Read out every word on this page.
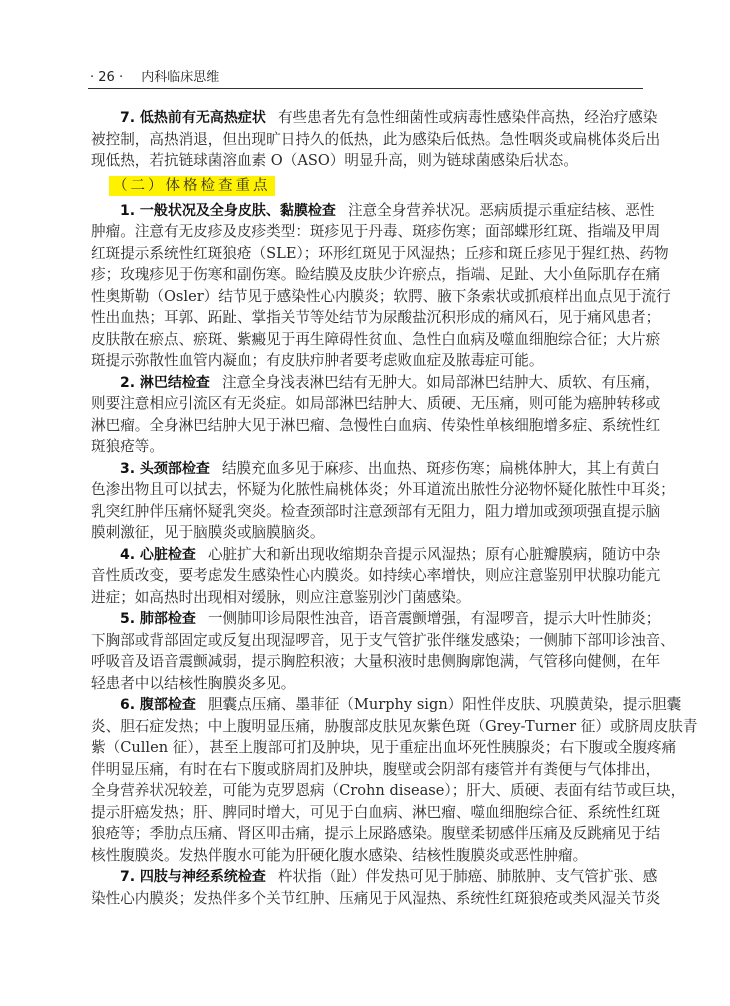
· 26 · 内科临床思维
7. 低热前有无高热症状 有些患者先有急性细菌性或病毒性感染伴高热，经治疗感染
被控制，高热消退，但出现旷日持久的低热，此为感染后低热。急性咽炎或扁桃体炎后出
现低热，若抗链球菌溶血素 O（ASO）明显升高，则为链球菌感染后状态。
（二）体格检查重点
1. 一般状况及全身皮肤、黏膜检查 注意全身营养状况。恶病质提示重症结核、恶性
肿瘤。注意有无皮疹及皮疹类型：斑疹见于丹毒、斑疹伤寒；面部蝶形红斑、指端及甲周
红斑提示系统性红斑狼疮（SLE）；环形红斑见于风湿热；丘疹和斑丘疹见于猩红热、药物
疹；玫瑰疹见于伤寒和副伤寒。睑结膜及皮肤少许瘀点，指端、足趾、大小鱼际肌存在痛
性奥斯勒（Osler）结节见于感染性心内膜炎；软腭、腋下条索状或抓痕样出血点见于流行
性出血热；耳郭、跖趾、掌指关节等处结节为尿酸盐沉积形成的痛风石，见于痛风患者；
皮肤散在瘀点、瘀斑、紫癜见于再生障碍性贫血、急性白血病及噬血细胞综合征；大片瘀
斑提示弥散性血管内凝血；有皮肤疖肿者要考虑败血症及脓毒症可能。
2. 淋巴结检查 注意全身浅表淋巴结有无肿大。如局部淋巴结肿大、质软、有压痛，
则要注意相应引流区有无炎症。如局部淋巴结肿大、质硬、无压痛，则可能为癌肿转移或
淋巴瘤。全身淋巴结肿大见于淋巴瘤、急慢性白血病、传染性单核细胞增多症、系统性红
斑狼疮等。
3. 头颈部检查 结膜充血多见于麻疹、出血热、斑疹伤寒；扁桃体肿大，其上有黄白
色渗出物且可以拭去，怀疑为化脓性扁桃体炎；外耳道流出脓性分泌物怀疑化脓性中耳炎；
乳突红肿伴压痛怀疑乳突炎。检查颈部时注意颈部有无阻力，阻力增加或颈项强直提示脑
膜刺激征，见于脑膜炎或脑膜脑炎。
4. 心脏检查 心脏扩大和新出现收缩期杂音提示风湿热；原有心脏瓣膜病，随访中杂
音性质改变，要考虑发生感染性心内膜炎。如持续心率增快，则应注意鉴别甲状腺功能亢
进症；如高热时出现相对缓脉，则应注意鉴别沙门菌感染。
5. 肺部检查 一侧肺叩诊局限性浊音，语音震颤增强，有湿啰音，提示大叶性肺炎；
下胸部或背部固定或反复出现湿啰音，见于支气管扩张伴继发感染；一侧肺下部叩诊浊音、
呼吸音及语音震颤减弱，提示胸腔积液；大量积液时患侧胸廓饱满，气管移向健侧，在年
轻患者中以结核性胸膜炎多见。
6. 腹部检查 胆囊点压痛、墨菲征（Murphy sign）阳性伴皮肤、巩膜黄染，提示胆囊
炎、胆石症发热；中上腹明显压痛，胁腹部皮肤见灰紫色斑（Grey-Turner 征）或脐周皮肤青
紫（Cullen 征），甚至上腹部可扪及肿块，见于重症出血坏死性胰腺炎；右下腹或全腹疼痛
伴明显压痛，有时在右下腹或脐周扪及肿块，腹壁或会阴部有瘘管并有粪便与气体排出，
全身营养状况较差，可能为克罗恩病（Crohn disease）；肝大、质硬、表面有结节或巨块，
提示肝癌发热；肝、脾同时增大，可见于白血病、淋巴瘤、噬血细胞综合征、系统性红斑
狼疮等；季肋点压痛、肾区叩击痛，提示上尿路感染。腹壁柔韧感伴压痛及反跳痛见于结
核性腹膜炎。发热伴腹水可能为肝硬化腹水感染、结核性腹膜炎或恶性肿瘤。
7. 四肢与神经系统检查 杵状指（趾）伴发热可见于肺癌、肺脓肿、支气管扩张、感
染性心内膜炎；发热伴多个关节红肿、压痛见于风湿热、系统性红斑狼疮或类风湿关节炎
